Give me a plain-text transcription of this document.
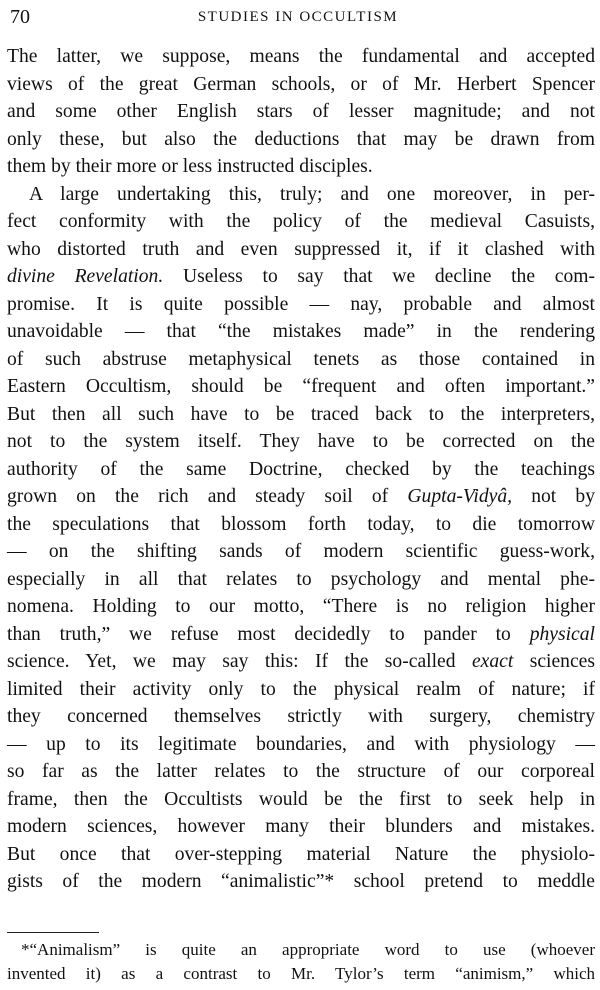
70	STUDIES IN OCCULTISM
The latter, we suppose, means the fundamental and accepted
views of the great German schools, or of Mr. Herbert Spencer
and some other English stars of lesser magnitude; and not
only these, but also the deductions that may be drawn from
them by their more or less instructed disciples.
A large undertaking this, truly; and one moreover, in per-
fect conformity with the policy of the medieval Casuists,
who distorted truth and even suppressed it, if it clashed with
divine Revelation. Useless to say that we decline the com-
promise. It is quite possible — nay, probable and almost
unavoidable — that “the mistakes made” in the rendering
of such abstruse metaphysical tenets as those contained in
Eastern Occultism, should be “frequent and often important.”
But then all such have to be traced back to the interpreters,
not to the system itself. They have to be corrected on the
authority of the same Doctrine, checked by the teachings
grown on the rich and steady soil of Gupta-Vidyâ, not by
the speculations that blossom forth today, to die tomorrow
— on the shifting sands of modern scientific guess-work,
especially in all that relates to psychology and mental phe-
nomena. Holding to our motto, “There is no religion higher
than truth,” we refuse most decidedly to pander to physical
science. Yet, we may say this: If the so-called exact sciences
limited their activity only to the physical realm of nature; if
they concerned themselves strictly with surgery, chemistry
— up to its legitimate boundaries, and with physiology —
so far as the latter relates to the structure of our corporeal
frame, then the Occultists would be the first to seek help in
modern sciences, however many their blunders and mistakes.
But once that over-stepping material Nature the physiolo-
gists of the modern “animalistic”* school pretend to meddle
*“Animalism” is quite an appropriate word to use (whoever
invented it) as a contrast to Mr. Tylor’s term “animism,” which
